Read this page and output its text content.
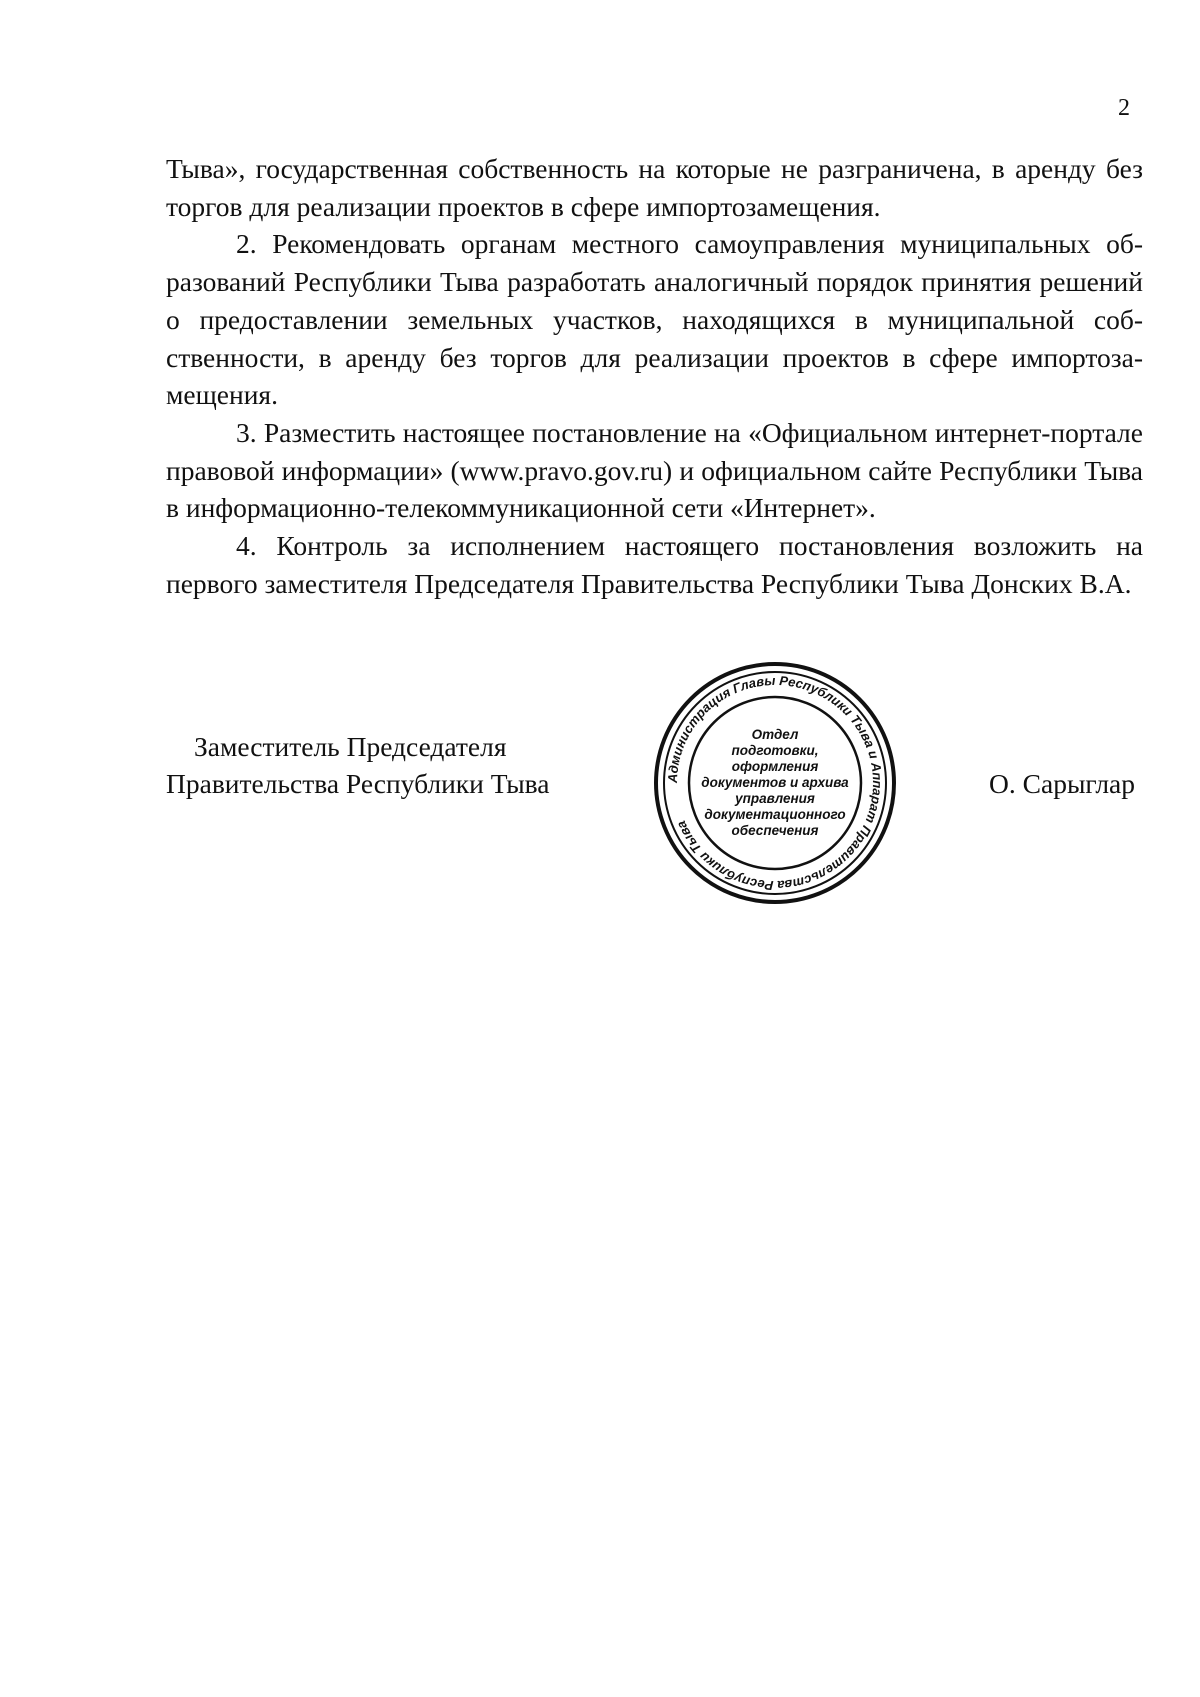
2

Тыва», государственная собственность на которые не разграничена, в аренду без торгов для реализации проектов в сфере импортозамещения.

2. Рекомендовать органам местного самоуправления муниципальных образований Республики Тыва разработать аналогичный порядок принятия решений о предоставлении земельных участков, находящихся в муниципальной собственности, в аренду без торгов для реализации проектов в сфере импортозамещения.

3. Разместить настоящее постановление на «Официальном интернет-портале правовой информации» (www.pravo.gov.ru) и официальном сайте Республики Тыва в информационно-телекоммуникационной сети «Интернет».

4. Контроль за исполнением настоящего постановления возложить на первого заместителя Председателя Правительства Республики Тыва Донских В.А.

Заместитель Председателя
Правительства Республики Тыва	О. Сарыглар
Администрация Главы Республики Тыва и Аппарат Правительства Республики Тыва
Отдел
подготовки,
оформления
документов и архива
управления
документационного
обеспечения
